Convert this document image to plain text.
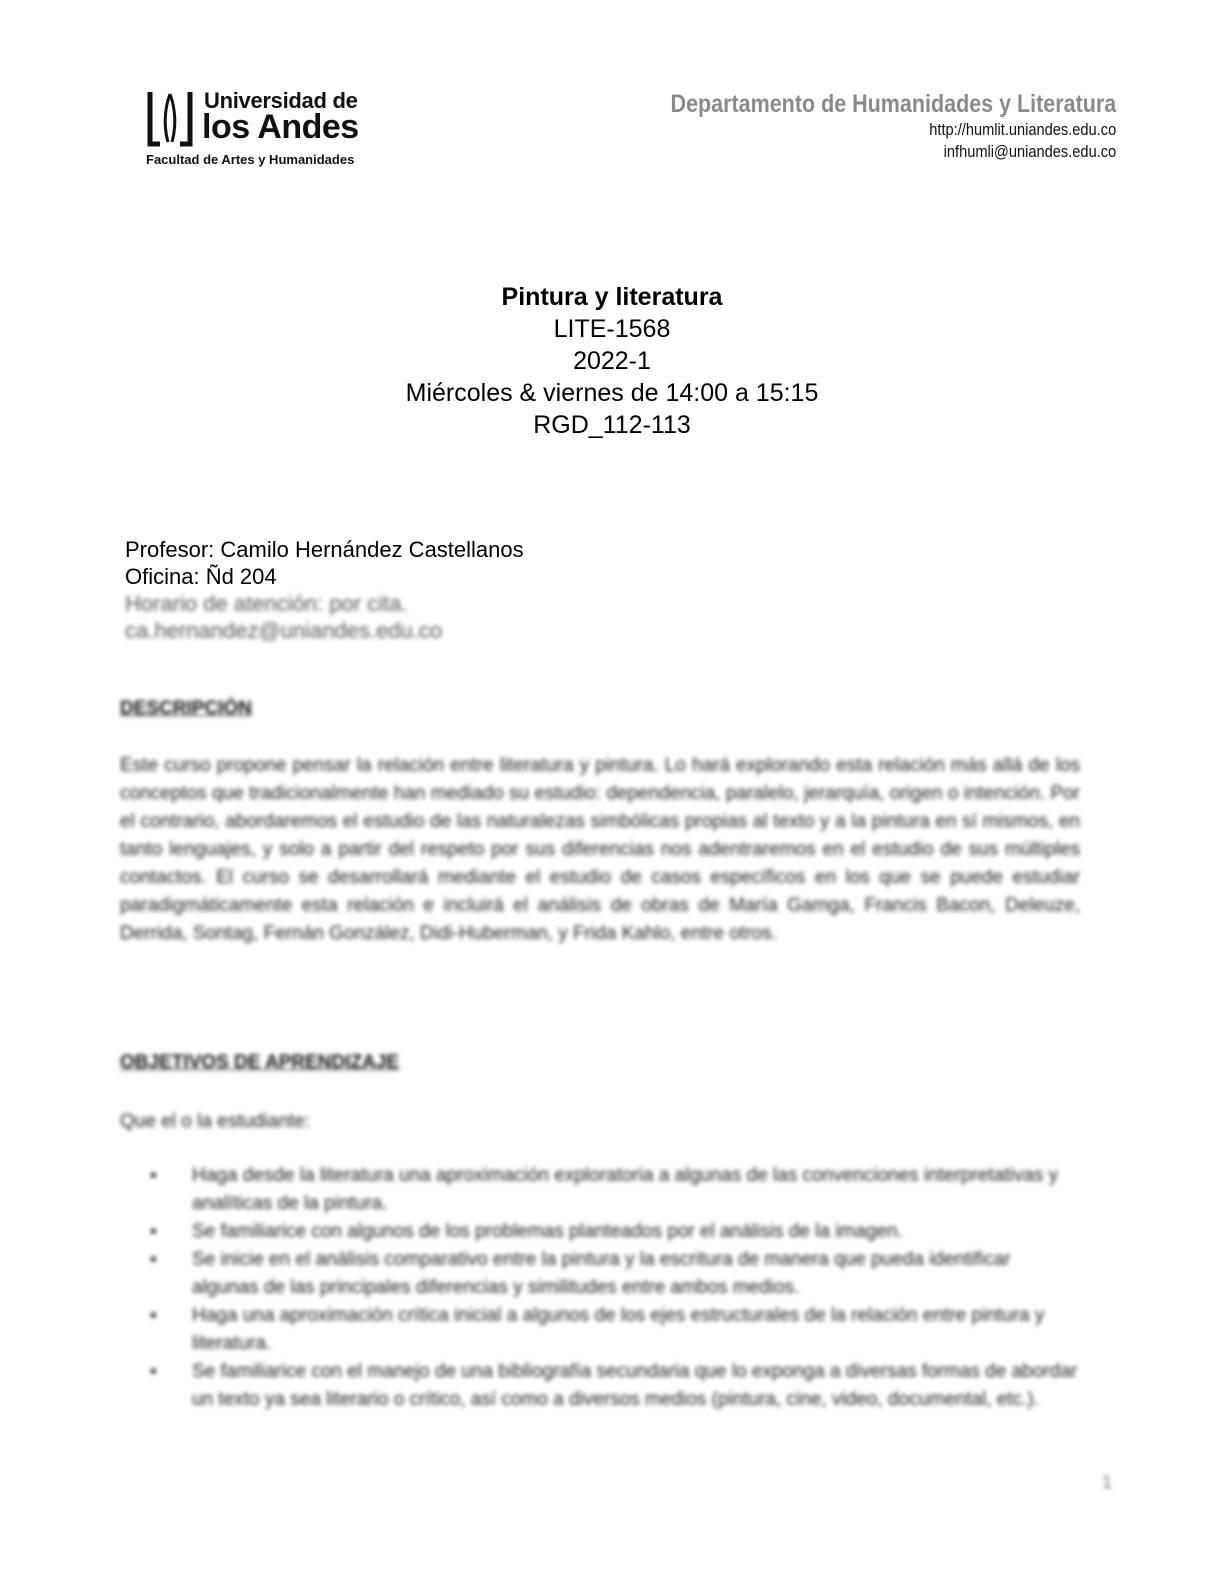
Universidad de
los Andes
Facultad de Artes y Humanidades
Departamento de Humanidades y Literatura
http://humlit.uniandes.edu.co
infhumli@uniandes.edu.co
Pintura y literatura
LITE-1568
2022-1
Miércoles & viernes de 14:00 a 15:15
RGD_112-113
Profesor: Camilo Hernández Castellanos
Oficina: Ñd 204
Horario de atención: por cita.
ca.hernandez@uniandes.edu.co
DESCRIPCIÓN
Este curso propone pensar la relación entre literatura y pintura. Lo hará explorando esta relación más allá de los conceptos que tradicionalmente han mediado su estudio: dependencia, paralelo, jerarquía, origen o intención. Por el contrario, abordaremos el estudio de las naturalezas simbólicas propias al texto y a la pintura en sí mismos, en tanto lenguajes, y solo a partir del respeto por sus diferencias nos adentraremos en el estudio de sus múltiples contactos. El curso se desarrollará mediante el estudio de casos específicos en los que se puede estudiar paradigmáticamente esta relación e incluirá el análisis de obras de María Gamga, Francis Bacon, Deleuze, Derrida, Sontag, Fernán González, Didi-Huberman, y Frida Kahlo, entre otros.
OBJETIVOS DE APRENDIZAJE
Que el o la estudiante:
▪ Haga desde la literatura una aproximación exploratoria a algunas de las convenciones interpretativas y analíticas de la pintura.
▪ Se familiarice con algunos de los problemas planteados por el análisis de la imagen.
▪ Se inicie en el análisis comparativo entre la pintura y la escritura de manera que pueda identificar algunas de las principales diferencias y similitudes entre ambos medios.
▪ Haga una aproximación crítica inicial a algunos de los ejes estructurales de la relación entre pintura y literatura.
▪ Se familiarice con el manejo de una bibliografía secundaria que lo exponga a diversas formas de abordar un texto ya sea literario o crítico, así como a diversos medios (pintura, cine, video, documental, etc.).
1
